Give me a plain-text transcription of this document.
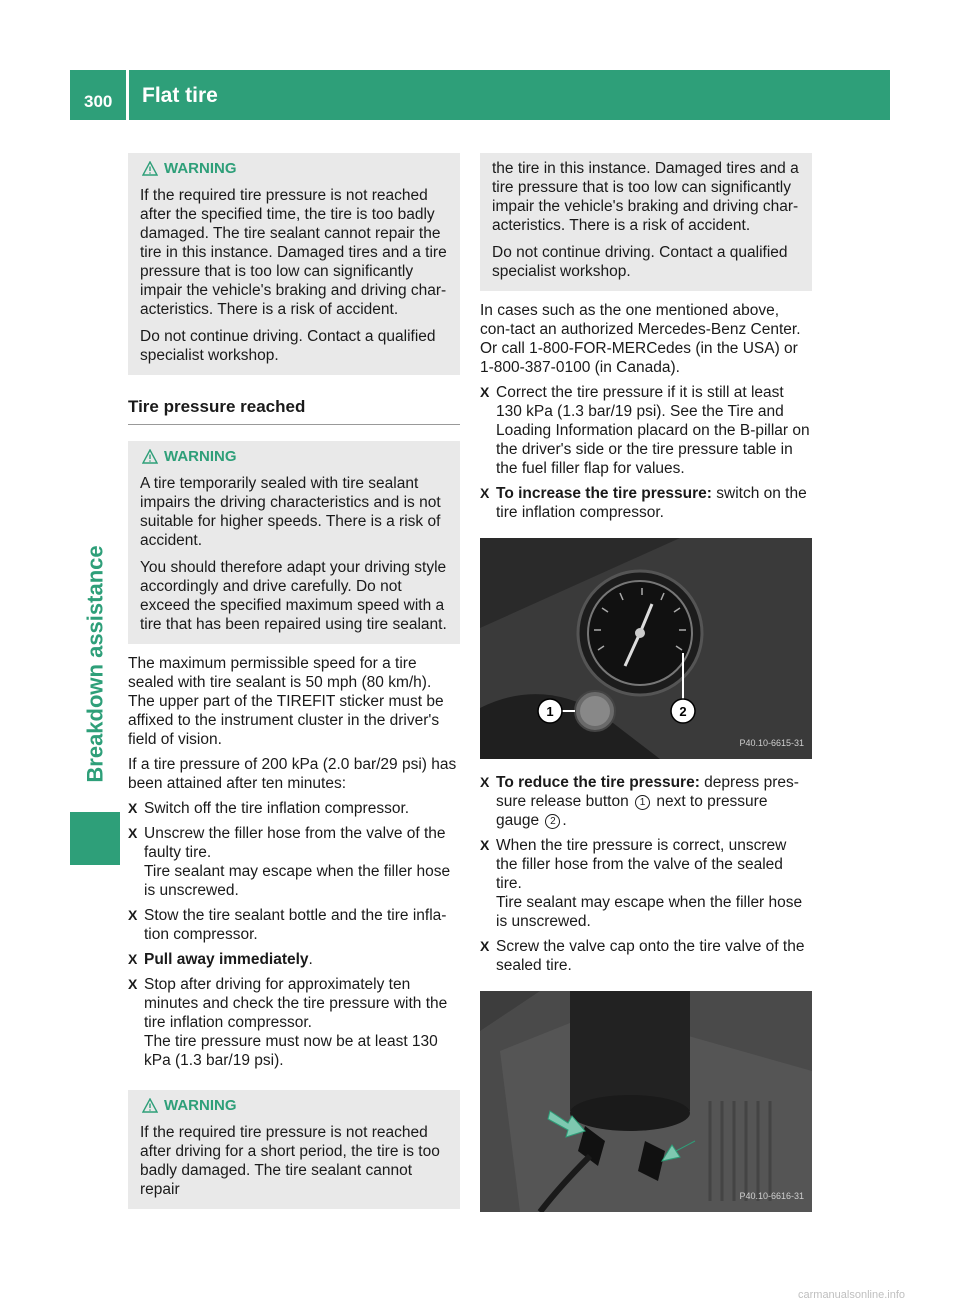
300 Flat tire
Breakdown assistance
WARNING

If the required tire pressure is not reached after the specified time, the tire is too badly damaged. The tire sealant cannot repair the tire in this instance. Damaged tires and a tire pressure that is too low can significantly impair the vehicle's braking and driving char-acteristics. There is a risk of accident.

Do not continue driving. Contact a qualified specialist workshop.

Tire pressure reached
WARNING

A tire temporarily sealed with tire sealant impairs the driving characteristics and is not suitable for higher speeds. There is a risk of accident.

You should therefore adapt your driving style accordingly and drive carefully. Do not exceed the specified maximum speed with a tire that has been repaired using tire sealant.

The maximum permissible speed for a tire sealed with tire sealant is 50 mph (80 km/h). The upper part of the TIREFIT sticker must be affixed to the instrument cluster in the driver's field of vision.

If a tire pressure of 200 kPa (2.0 bar/29 psi) has been attained after ten minutes:

X Switch off the tire inflation compressor.
X Unscrew the filler hose from the valve of the faulty tire.
Tire sealant may escape when the filler hose is unscrewed.
X Stow the tire sealant bottle and the tire infla-tion compressor.
X Pull away immediately.
X Stop after driving for approximately ten minutes and check the tire pressure with the tire inflation compressor.
The tire pressure must now be at least 130 kPa (1.3 bar/19 psi).
WARNING

If the required tire pressure is not reached after driving for a short period, the tire is too badly damaged. The tire sealant cannot repair

the tire in this instance. Damaged tires and a tire pressure that is too low can significantly impair the vehicle's braking and driving char-acteristics. There is a risk of accident.

Do not continue driving. Contact a qualified specialist workshop.

In cases such as the one mentioned above, con-tact an authorized Mercedes-Benz Center. Or call 1-800-FOR-MERCedes (in the USA) or 1-800-387-0100 (in Canada).

X Correct the tire pressure if it is still at least 130 kPa (1.3 bar/19 psi). See the Tire and Loading Information placard on the B-pillar on the driver's side or the tire pressure table in the fuel filler flap for values.
X To increase the tire pressure: switch on the tire inflation compressor.
1	2
P40.10-6615-31
X To reduce the tire pressure: depress pres-sure release button 1 next to pressure gauge 2 .
X When the tire pressure is correct, unscrew the filler hose from the valve of the sealed tire.
Tire sealant may escape when the filler hose is unscrewed.
X Screw the valve cap onto the tire valve of the sealed tire.
P40.10-6616-31
carmanualsonline.info
